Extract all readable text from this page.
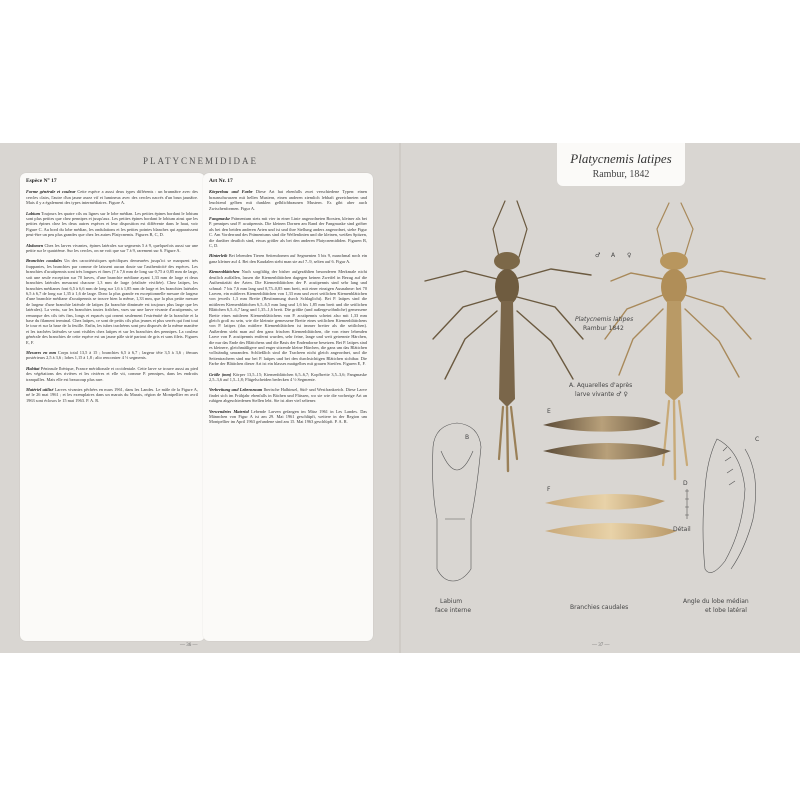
PLATYCNEMIDIDAE
Espèce N° 17

Forme générale et couleur Cette espèce a aussi deux types différents : un brunnâtre avec des cercles clairs, l'autre d'un jaune assez vif et lumineux avec des cercles nacrés d'un brun jaunâtre. Mais il y a également des types intermédiaires. Figure A.

Labium Toujours les quatre cils ou lignes sur le lobe médian. Les petites épines bordant le lobium sont plus petites que chez pennipes et jusqu'aux. Les petites épines bordant le lobium ainsi que les petites épines chez les deux autres espèces et leur disposition est différente dans le haut, voir Figure C. Au bord du lobe médian, les ondulations et les petites pointes blanches qui apparaissent peut-être un peu plus grandes que chez les autres Platycnemis. Figures B, C, D.

Abdomen Chez les larves vivantes, épines latérales sur segments 5 à 9, quelquefois aussi sur une petite sur le quatrième. Sur les cercles, on ne voit que sur 7 à 9, rarement sur 6. Figure A.

Branchies caudales Un des caractéristiques spécifiques demeurées jusqu'ici se marquent très frappantes, les branchies par comme de laissent aucun doute sur l'authenticité des espèces. Les branchies d'acutipennis sont très longues et fines (7 à 7,6 mm de long sur 0,75 à 0,85 mm de large, soit une seule exception sur 70 larves, d'une branchie médiane ayant 1,33 mm de large et deux branchies latérales mesurant chacune 1,3 mm de large (réalisée vivifiée). Chez latipes, les branchies médianes font 6,5 à 6,6 mm de long sur 1,6 à 1,85 mm de large et les branchies latérales 6,5 à 6,7 de long sur 1,35 à 1,6 de large. Donc la plus grande en exceptionnelle mesure de largeur d'une branchie médiane d'acutipennis se trouve bien la même, 1,33 mm, que la plus petite mesure de largeur d'une branchie latérale de latipes (la branchie diminuée est toujours plus large que les latérales). La vertu, sur les branchies toutes fraîches, vues sur une larve vivante d'acutipennis, se remarque des cils très fins, longs et espacés qui ornent seulement l'extrémité de la branchie et la base du filament terminal. Chez latipes, ce sont de petits cils plus jeunes et plus serrés qui font tout le tour et sur la base de la feuille. Enfin, les tubes trachéens sont peu disposés de la même manière et les trachées latérales se sont visibles chez latipes et sur les branchies des pennipes. La couleur générale des branchies de cette espèce est un jaune pâle strié partout de gris et sans filets. Figures E, F.

Mesures en mm Corps total 13,5 à 15 ; branchies 6,5 à 6,7 ; largeur tête 3,5 à 3,6 ; fémurs postérieurs 2,5 à 3,6 ; lobes 1,15 à 1,8 ; alio rencontrer 4 ½ segments.

Habitat Péninsule Ibérique, France méridionale et occidentale. Cette larve se trouve aussi au pied des végétations des rivières et les rivières et elle vit, comme P. pennipes, dans les endroits tranquilles. Mais elle est beaucoup plus rare.

Matériel utilisé Larves vivantes pêchées en mars 1961, dans les Landes. Le mâle de la Figure A, né le 26 mai 1961 ; et les exemplaires dans un marais du Marais, région de Montpellier en avril 1963 sont éclosos le 15 mai 1963. P. A. R.

Art Nr. 17

Körperbau und Farbe Diese Art hat ebenfalls zwei verschiedene Typen: einen braunschwarzen mit hellen Mustern, einen anderen ziemlich lebhaft gezeichneten und leuchtend gelben mit dunklen gelblichbraunen Mustern. Es gibt aber auch Zwischenformen. Figur A.

Fangmaske Prämentum stets mit vier in einer Linie angeordneten Borsten, kleiner als bei P. pennipes und P. acutipennis. Die kleinen Dornen am Rand der Fangmaske sind gröber als bei den beiden anderen Arten und ist und ihre Stellung anders angeordnet, siehe Figur C. Am Vorderrand des Prämentums sind die Wellenlinien und die kleinen, weißen Spitzen, die darüber deutlich sind, etwas größer als bei den anderen Platycnemididen. Figuren B, C, D.

Hinterleib Bei lebenden Tieren Seitendornen auf Segmenten 5 bis 9, manchmal noch ein ganz kleiner auf 4. Bei den Kaudalen sieht man sie auf 7–9, selten auf 6. Figur A.

Kiemenblättchen Nach sorgfältig der bisher aufgezählten besonderen Merkmale nicht deutlich auffallen, lassen die Kiemenblättchen dagegen keinen Zweifel in Bezug auf die Authentizität der Arten. Die Kiemenblättchen der P. acutipennis sind sehr lang und schmal: 7 bis 7,6 mm lang und 0,75–0,85 mm breit, mit einer einzigen Ausnahme: bei 70 Larven, ein mittleres Kiemenblättchen von 1,33 mm und zwei seitlichen Kiemenblättchen von jeweils 1,3 mm Breite (Bestimmung durch Schlaglicht). Bei P. latipes sind die mittleren Kiemenblättchen 6,5–6,5 mm lang und 1,6 bis 1,85 mm breit und die seitlichen Blättchen 6,5–6,7 lang und 1,35–1,6 breit. Die größte (und außergewöhnliche) gemessene Breite eines mittleren Kiemenblättchens von P. acutipennis scheint also mit 1,33 mm gleich groß zu sein, wie die kleinste gemessene Breite eines seitlichen Kiemenblättchens von P. latipes (das mittlere Kiemenblättchen ist immer breiter als die seitlichen). Außerdem sieht man auf den ganz frischen Kiemenblättchen, die von einer lebenden Larve von P. acutipennis entfernt wurden, sehr feine, lange und weit getrennte Härchen, die nur das Ende des Blättchens und die Basis der Endendorne besetzen. Bei P. latipes sind es kleinere, gleichmäßigere und enger sitzende kleine Härchen, die ganz um das Blättchen vollständig umranden. Schließlich sind die Tracheen nicht gleich angeordnet, und die Seitentracheen sind nur bei P. latipes und bei den durchsichtigen Blättchen sichtbar. Die Farbe der Blättchen dieser Art ist ein blasses mattgelbes mit grauen Streifen. Figuren E, F.

Größe (mm) Körper 13,5–15; Kiemenblättchen 6,5–6,7; Kopfbreite 3,5–3,6; Fangmaske 2,5–3,6 auf 1,5–1,8; Flügelscheiden bedecken 4 ½ Segmente.

Verbreitung und Lebensraum Iberische Halbinsel, Süd- und Westfrankreich. Diese Larve findet sich im Frühjahr ebenfalls in Bächen und Flüssen, wo sie wie die vorherige Art an ruhigen abgeschiedenen Stellen lebt. Sie ist aber viel seltener.

Verwendetes Material Lebende Larven gefangen im März 1961 in Les Landes. Das Männchen von Figur A ist am 29. Mai 1961 geschlüpft, weitere in der Region um Montpellier im April 1963 gefundene sind am 15. Mai 1963 geschlüpft. P. A. R.

— 36 —
Platycnemis latipes
Rambur, 1842
♂ A ♀
Platycnemis latipes
Rambur 1842
A. Aquarelles d'après
larve vivante ♂ ♀
B
Labium
face interne
E
F
Branchies caudales
C
D
Détail
Angle du lobe médian
et lobe latéral
— 37 —
